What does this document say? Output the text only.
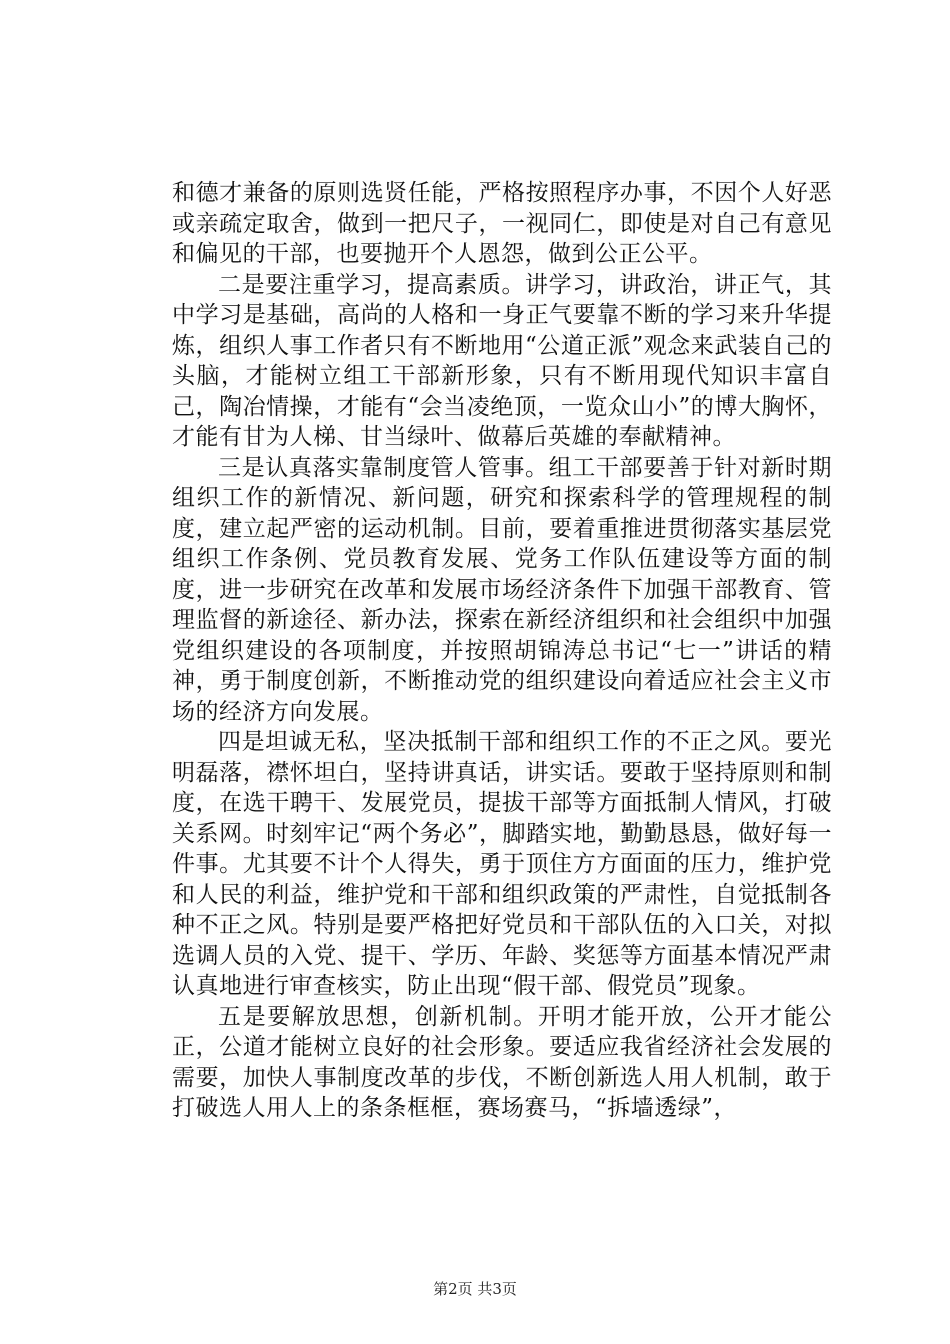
和德才兼备的原则选贤任能，严格按照程序办事，不因个人好恶或亲疏定取舍，做到一把尺子，一视同仁，即使是对自己有意见和偏见的干部，也要抛开个人恩怨，做到公正公平。

二是要注重学习，提高素质。讲学习，讲政治，讲正气，其中学习是基础，高尚的人格和一身正气要靠不断的学习来升华提炼，组织人事工作者只有不断地用“公道正派”观念来武装自己的头脑，才能树立组工干部新形象，只有不断用现代知识丰富自己，陶冶情操，才能有“会当凌绝顶，一览众山小”的博大胸怀，才能有甘为人梯、甘当绿叶、做幕后英雄的奉献精神。

三是认真落实靠制度管人管事。组工干部要善于针对新时期组织工作的新情况、新问题，研究和探索科学的管理规程的制度，建立起严密的运动机制。目前，要着重推进贯彻落实基层党组织工作条例、党员教育发展、党务工作队伍建设等方面的制度，进一步研究在改革和发展市场经济条件下加强干部教育、管理监督的新途径、新办法，探索在新经济组织和社会组织中加强党组织建设的各项制度，并按照胡锦涛总书记“七一”讲话的精神，勇于制度创新，不断推动党的组织建设向着适应社会主义市场的经济方向发展。

四是坦诚无私，坚决抵制干部和组织工作的不正之风。要光明磊落，襟怀坦白，坚持讲真话，讲实话。要敢于坚持原则和制度，在选干聘干、发展党员，提拔干部等方面抵制人情风，打破关系网。时刻牢记“两个务必”，脚踏实地，勤勤恳恳，做好每一件事。尤其要不计个人得失，勇于顶住方方面面的压力，维护党和人民的利益，维护党和干部和组织政策的严肃性，自觉抵制各种不正之风。特别是要严格把好党员和干部队伍的入口关，对拟选调人员的入党、提干、学历、年龄、奖惩等方面基本情况严肃认真地进行审查核实，防止出现“假干部、假党员”现象。

五是要解放思想，创新机制。开明才能开放，公开才能公正，公道才能树立良好的社会形象。要适应我省经济社会发展的需要，加快人事制度改革的步伐，不断创新选人用人机制，敢于打破选人用人上的条条框框，赛场赛马，“拆墙透绿”，

第2页 共3页
